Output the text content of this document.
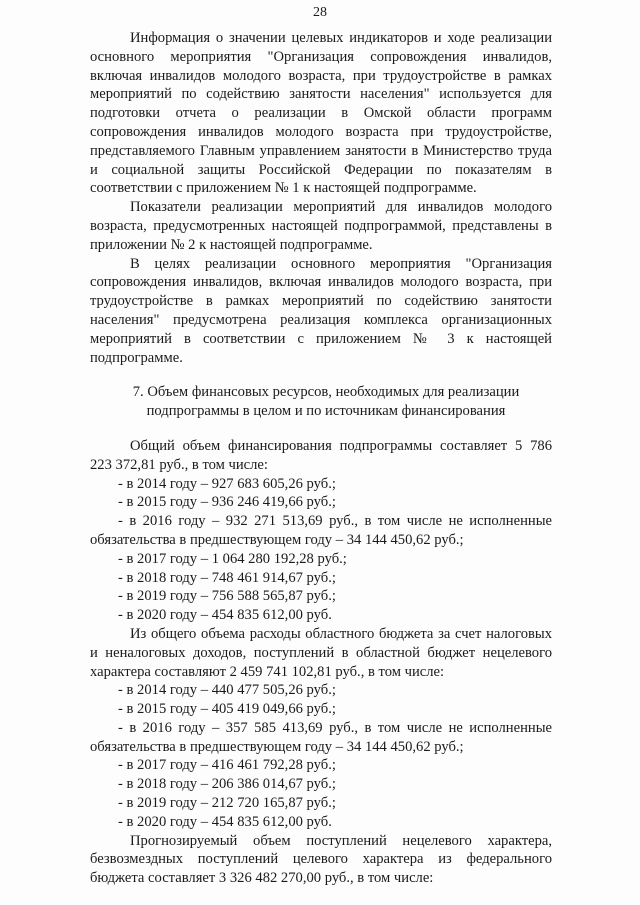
28

Информация о значении целевых индикаторов и ходе реализации основного мероприятия "Организация сопровождения инвалидов, включая инвалидов молодого возраста, при трудоустройстве в рамках мероприятий по содействию занятости населения" используется для подготовки отчета о реализации в Омской области программ сопровождения инвалидов молодого возраста при трудоустройстве, представляемого Главным управлением занятости в Министерство труда и социальной защиты Российской Федерации по показателям в соответствии с приложением № 1 к настоящей подпрограмме.

Показатели реализации мероприятий для инвалидов молодого возраста, предусмотренных настоящей подпрограммой, представлены в приложении № 2 к настоящей подпрограмме.

В целях реализации основного мероприятия "Организация сопровождения инвалидов, включая инвалидов молодого возраста, при трудоустройстве в рамках мероприятий по содействию занятости населения" предусмотрена реализация комплекса организационных мероприятий в соответствии с приложением № 3 к настоящей подпрограмме.

7. Объем финансовых ресурсов, необходимых для реализации
подпрограммы в целом и по источникам финансирования

Общий объем финансирования подпрограммы составляет 5 786 223 372,81 руб., в том числе:

- в 2014 году – 927 683 605,26 руб.;
- в 2015 году – 936 246 419,66 руб.;

- в 2016 году – 932 271 513,69 руб., в том числе не исполненные обязательства в предшествующем году – 34 144 450,62 руб.;

- в 2017 году – 1 064 280 192,28 руб.;
- в 2018 году – 748 461 914,67 руб.;
- в 2019 году – 756 588 565,87 руб.;
- в 2020 году – 454 835 612,00 руб.

Из общего объема расходы областного бюджета за счет налоговых и неналоговых доходов, поступлений в областной бюджет нецелевого характера составляют 2 459 741 102,81 руб., в том числе:

- в 2014 году – 440 477 505,26 руб.;
- в 2015 году – 405 419 049,66 руб.;

- в 2016 году – 357 585 413,69 руб., в том числе не исполненные обязательства в предшествующем году – 34 144 450,62 руб.;

- в 2017 году – 416 461 792,28 руб.;
- в 2018 году – 206 386 014,67 руб.;
- в 2019 году – 212 720 165,87 руб.;
- в 2020 году – 454 835 612,00 руб.

Прогнозируемый объем поступлений нецелевого характера, безвозмездных поступлений целевого характера из федерального бюджета составляет 3 326 482 270,00 руб., в том числе:
